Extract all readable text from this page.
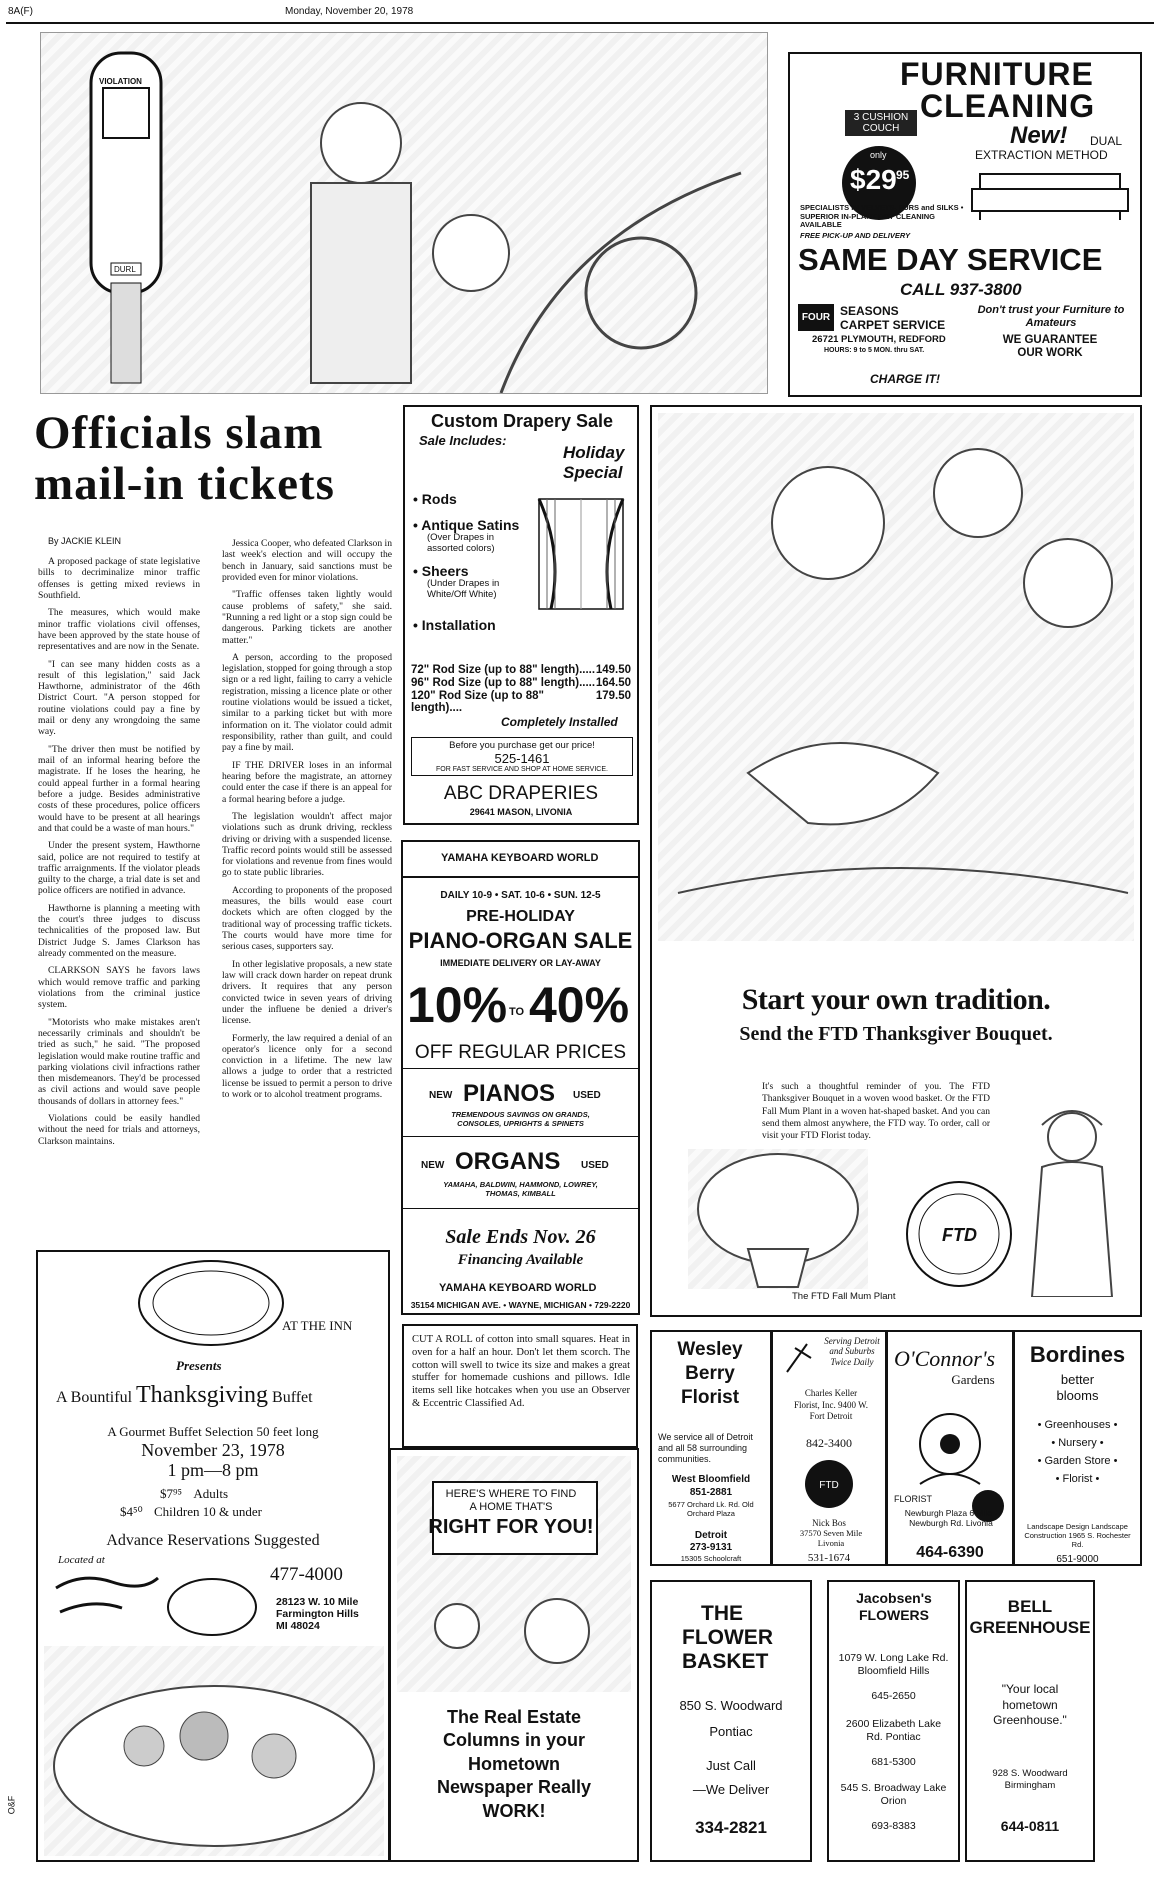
8A(F)	Monday, November 20, 1978
VIOLATION
DURL
FURNITURE
CLEANING
3 CUSHION COUCH
only
$29 95
New! DUAL
EXTRACTION METHOD
SPECIALISTS IN VELVETS, FURS and SILKS • SUPERIOR IN-PLANT DRY CLEANING AVAILABLE
FREE PICK-UP AND DELIVERY
SAME DAY SERVICE
CALL 937-3800
FOUR SEASONS
CARPET SERVICE
26721 PLYMOUTH, REDFORD
HOURS: 9 to 5 MON. thru SAT.
Don't trust your Furniture to Amateurs
WE GUARANTEE OUR WORK
CHARGE IT!
Officials slam mail-in tickets
By JACKIE KLEIN

A proposed package of state legislative bills to decriminalize minor traffic offenses is getting mixed reviews in Southfield.

The measures, which would make minor traffic violations civil offenses, have been approved by the state house of representatives and are now in the Senate.

"I can see many hidden costs as a result of this legislation," said Jack Hawthorne, administrator of the 46th District Court. "A person stopped for routine violations could pay a fine by mail or deny any wrongdoing the same way.

"The driver then must be notified by mail of an informal hearing before the magistrate. If he loses the hearing, he could appeal further in a formal hearing before a judge. Besides administrative costs of these procedures, police officers would have to be present at all hearings and that could be a waste of man hours."

Under the present system, Hawthorne said, police are not required to testify at traffic arraignments. If the violator pleads guilty to the charge, a trial date is set and police officers are notified in advance.

Hawthorne is planning a meeting with the court's three judges to discuss technicalities of the proposed law. But District Judge S. James Clarkson has already commented on the measure.

CLARKSON SAYS he favors laws which would remove traffic and parking violations from the criminal justice system.

"Motorists who make mistakes aren't necessarily criminals and shouldn't be tried as such," he said. "The proposed legislation would make routine traffic and parking violations civil infractions rather then misdemeanors. They'd be processed as civil actions and would save people thousands of dollars in attorney fees."

Violations could be easily handled without the need for trials and attorneys, Clarkson maintains.

Jessica Cooper, who defeated Clarkson in last week's election and will occupy the bench in January, said sanctions must be provided even for minor violations.

"Traffic offenses taken lightly would cause problems of safety," she said. "Running a red light or a stop sign could be dangerous. Parking tickets are another matter."

A person, according to the proposed legislation, stopped for going through a stop sign or a red light, failing to carry a vehicle registration, missing a licence plate or other routine violations would be issued a ticket, similar to a parking ticket but with more information on it. The violator could admit responsibility, rather than guilt, and could pay a fine by mail.

IF THE DRIVER loses in an informal hearing before the magistrate, an attorney could enter the case if there is an appeal for a formal hearing before a judge.

The legislation wouldn't affect major violations such as drunk driving, reckless driving or driving with a suspended license. Traffic record points would still be assessed for violations and revenue from fines would go to state public libraries.

According to proponents of the proposed measures, the bills would ease court dockets which are often clogged by the traditional way of processing traffic tickets. The courts would have more time for serious cases, supporters say.

In other legislative proposals, a new state law will crack down harder on repeat drunk drivers. It requires that any person convicted twice in seven years of driving under the influene be denied a driver's license.

Formerly, the law required a denial of an operator's licence only for a second conviction in a lifetime. The new law allows a judge to order that a restricted license be issued to permit a person to drive to work or to alcohol treatment programs.

Custom Drapery Sale
Sale Includes:
Holiday
Special
• Rods
• Antique Satins
(Over Drapes in assorted colors)
• Sheers
(Under Drapes in White/Off White)
• Installation
72" Rod Size (up to 88" length)..... 149.50
96" Rod Size (up to 88" length)..... 164.50
120" Rod Size (up to 88" length)....
179.50
Completely Installed
Before you purchase get our price!
525-1461
FOR FAST SERVICE AND SHOP AT HOME SERVICE.
ABC DRAPERIES
29641 MASON, LIVONIA
YAMAHA KEYBOARD WORLD
DAILY 10-9 • SAT. 10-6 • SUN. 12-5
PRE-HOLIDAY
PIANO-ORGAN SALE
IMMEDIATE DELIVERY OR LAY-AWAY
10% TO 40%
OFF REGULAR PRICES
NEW PIANOS USED
TREMENDOUS SAVINGS ON GRANDS, CONSOLES, UPRIGHTS & SPINETS
NEW ORGANS USED
YAMAHA, BALDWIN, HAMMOND, LOWREY, THOMAS, KIMBALL
Sale Ends Nov. 26
Financing Available
YAMAHA KEYBOARD WORLD
35154 MICHIGAN AVE. • WAYNE, MICHIGAN • 729-2220
Start your own tradition.
Send the FTD Thanksgiver Bouquet.
It's such a thoughtful reminder of you. The FTD Thanksgiver Bouquet in a woven wood basket. Or the FTD Fall Mum Plant in a woven hat-shaped basket. And you can send them almost anywhere, the FTD way. To order, call or visit your FTD Florist today.
The FTD Fall Mum Plant
FTD
AT THE INN
Presents
A Bountiful Thanksgiving Buffet
A Gourmet Buffet Selection 50 feet long
November 23, 1978
1 pm—8 pm
$7⁹⁵ Adults
$4⁵⁰ Children 10 & under
Advance Reservations Suggested
Located at
477-4000
28123 W. 10 Mile
Farmington Hills
MI 48024
CUT A ROLL of cotton into small squares. Heat in oven for a half an hour. Don't let them scorch. The cotton will swell to twice its size and makes a great stuffer for homemade cushions and pillows. Idle items sell like hotcakes when you use an Observer & Eccentric Classified Ad.
HERE'S WHERE TO FIND A HOME THAT'S
RIGHT FOR YOU!
The Real Estate Columns in your Hometown Newspaper Really WORK!
Wesley Berry Florist
We service all of Detroit and all 58 surrounding communities.
West Bloomfield
851-2881
5677 Orchard Lk. Rd. Old Orchard Plaza
Detroit
273-9131
15305 Schoolcraft
Serving Detroit and Suburbs Twice Daily
Charles Keller Florist, Inc. 9400 W. Fort Detroit
842-3400
FTD
Nick Bos
37570 Seven Mile Livonia
531-1674
O'Connor's
Gardens
FLORIST
Newburgh Plaza 6 Mile - Newburgh Rd. Livonia
464-6390
Bordines
better blooms
• Greenhouses •
• Nursery •
• Garden Store •
• Florist •
Landscape Design Landscape Construction 1965 S. Rochester Rd.
651-9000
THE FLOWER BASKET
850 S. Woodward
Pontiac
Just Call
—We Deliver
334-2821
Jacobsen's FLOWERS
1079 W. Long Lake Rd. Bloomfield Hills
645-2650
2600 Elizabeth Lake Rd. Pontiac
681-5300
545 S. Broadway Lake Orion
693-8383
BELL GREENHOUSE
"Your local hometown Greenhouse."
928 S. Woodward Birmingham
644-0811
O&F
